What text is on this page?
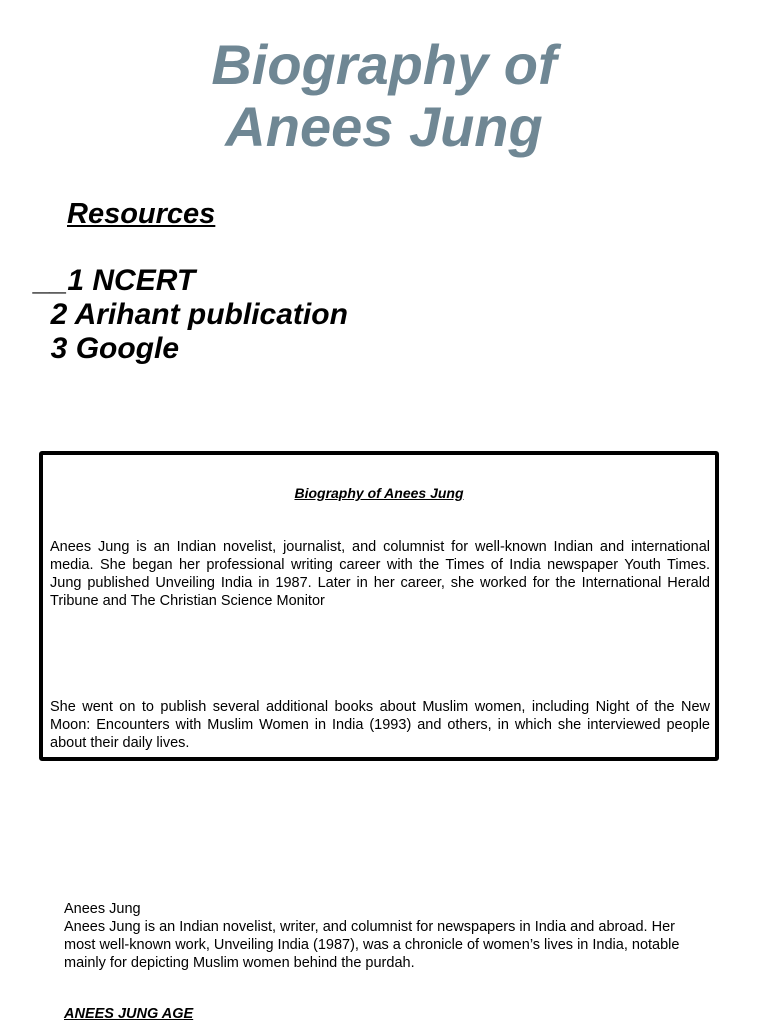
Biography of
Anees Jung
Resources
__1 NCERT
2 Arihant publication
3 Google

Biography of Anees Jung

Anees Jung is an Indian novelist, journalist, and columnist for well-known Indian and international media. She began her professional writing career with the Times of India newspaper Youth Times. Jung published Unveiling India in 1987. Later in her career, she worked for the International Herald Tribune and The Christian Science Monitor

She went on to publish several additional books about Muslim women, including Night of the New Moon: Encounters with Muslim Women in India (1993) and others, in which she interviewed people about their daily lives.

Anees Jung

Anees Jung is an Indian novelist, writer, and columnist for newspapers in India and abroad. Her most well-known work, Unveiling India (1987), was a chronicle of women’s lives in India, notable mainly for depicting Muslim women behind the purdah.

ANEES JUNG AGE
